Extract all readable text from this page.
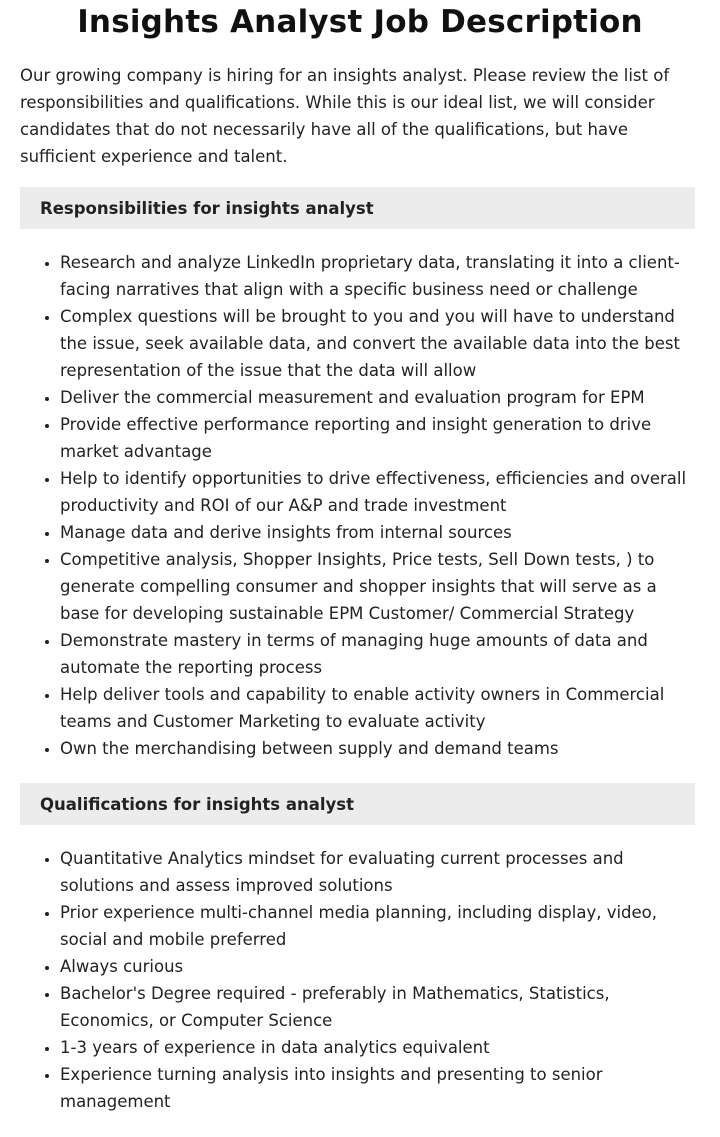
Insights Analyst Job Description

Our growing company is hiring for an insights analyst. Please review the list of responsibilities and qualifications. While this is our ideal list, we will consider candidates that do not necessarily have all of the qualifications, but have sufficient experience and talent.

Responsibilities for insights analyst
• Research and analyze LinkedIn proprietary data, translating it into a client-facing narratives that align with a specific business need or challenge
• Complex questions will be brought to you and you will have to understand the issue, seek available data, and convert the available data into the best representation of the issue that the data will allow
• Deliver the commercial measurement and evaluation program for EPM
• Provide effective performance reporting and insight generation to drive market advantage
• Help to identify opportunities to drive effectiveness, efficiencies and overall productivity and ROI of our A&P and trade investment
• Manage data and derive insights from internal sources
• Competitive analysis, Shopper Insights, Price tests, Sell Down tests, ) to generate compelling consumer and shopper insights that will serve as a base for developing sustainable EPM Customer/ Commercial Strategy
• Demonstrate mastery in terms of managing huge amounts of data and automate the reporting process
• Help deliver tools and capability to enable activity owners in Commercial teams and Customer Marketing to evaluate activity
• Own the merchandising between supply and demand teams
Qualifications for insights analyst
• Quantitative Analytics mindset for evaluating current processes and solutions and assess improved solutions
• Prior experience multi-channel media planning, including display, video, social and mobile preferred
• Always curious
• Bachelor's Degree required - preferably in Mathematics, Statistics, Economics, or Computer Science
• 1-3 years of experience in data analytics equivalent
• Experience turning analysis into insights and presenting to senior management
